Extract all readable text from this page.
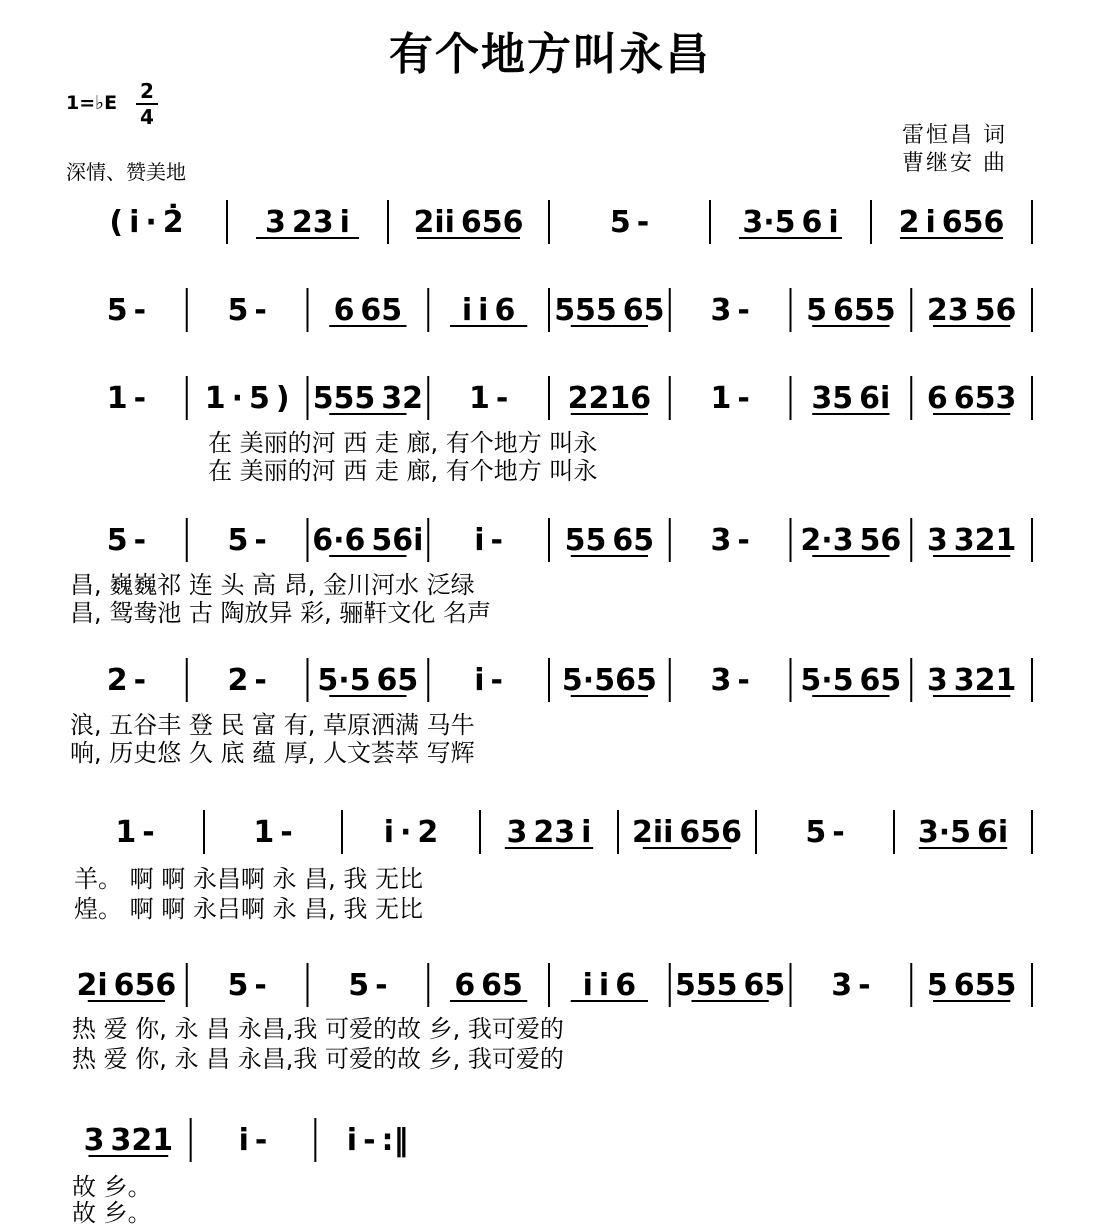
有个地方叫永昌
1=♭E 2
4
雷恒昌 词
曹继安 曲
深情、赞美地
( i · 2̇	3 23 i 2ii 656	5 -	3·5 6 i 2 i 656
5 -	5 - 6 65 i i 6 555 65 3 - 5 655 23 56
1 - 1 · 5 ) 555 32 1 - 2216 1 - 35 6i 6 653
5 -	5 - 6·6 56i i - 55 65 3 - 2·3 56 3 321
2 -	2 - 5·5 65 i - 5·565 3 - 5·5 65 3 321
1 -	1 -	i · 2 3 23 i 2ii 656 5 - 3·5 6i
2i 656 5 -	5 - 6 65 i i 6 555 65 3 - 5 655
3 321 i -	i - :‖
在 美丽的河 西 走 廊, 有个地方 叫永
在 美丽的河 西 走 廊, 有个地方 叫永
昌, 巍巍祁 连 头 高 昂, 金川河水 泛绿
昌, 鸳鸯池 古 陶放异 彩, 骊靬文化 名声
浪, 五谷丰 登 民 富 有, 草原洒满 马牛
响, 历史悠 久 底 蕴 厚, 人文荟萃 写辉
羊。 啊 啊 永昌啊 永 昌, 我 无比
煌。 啊 啊 永吕啊 永 昌, 我 无比
热 爱 你, 永 昌 永昌,我 可爱的故 乡, 我可爱的
热 爱 你, 永 昌 永昌,我 可爱的故 乡, 我可爱的
故 乡。
故 乡。
